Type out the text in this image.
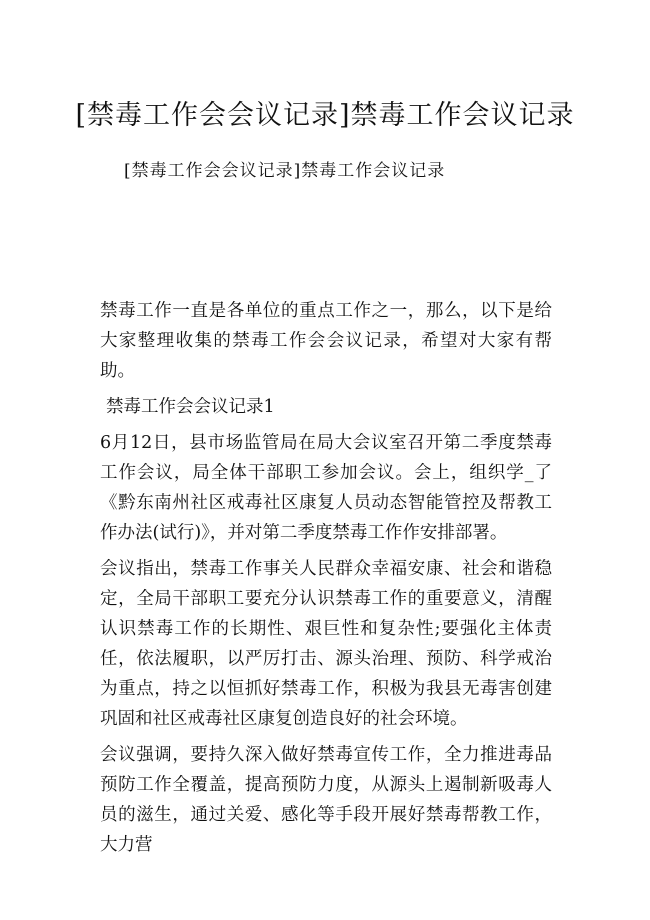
[禁毒工作会会议记录]禁毒工作会议记录
[禁毒工作会会议记录]禁毒工作会议记录

禁毒工作一直是各单位的重点工作之一，那么，以下是给大家整理收集的禁毒工作会会议记录，希望对大家有帮助。

禁毒工作会会议记录1

6月12日，县市场监管局在局大会议室召开第二季度禁毒工作会议，局全体干部职工参加会议。会上，组织学_了《黔东南州社区戒毒社区康复人员动态智能管控及帮教工作办法(试行)》，并对第二季度禁毒工作作安排部署。

会议指出，禁毒工作事关人民群众幸福安康、社会和谐稳定，全局干部职工要充分认识禁毒工作的重要意义，清醒认识禁毒工作的长期性、艰巨性和复杂性;要强化主体责任，依法履职，以严厉打击、源头治理、预防、科学戒治为重点，持之以恒抓好禁毒工作，积极为我县无毒害创建巩固和社区戒毒社区康复创造良好的社会环境。

会议强调，要持久深入做好禁毒宣传工作，全力推进毒品预防工作全覆盖，提高预防力度，从源头上遏制新吸毒人员的滋生，通过关爱、感化等手段开展好禁毒帮教工作，大力营
